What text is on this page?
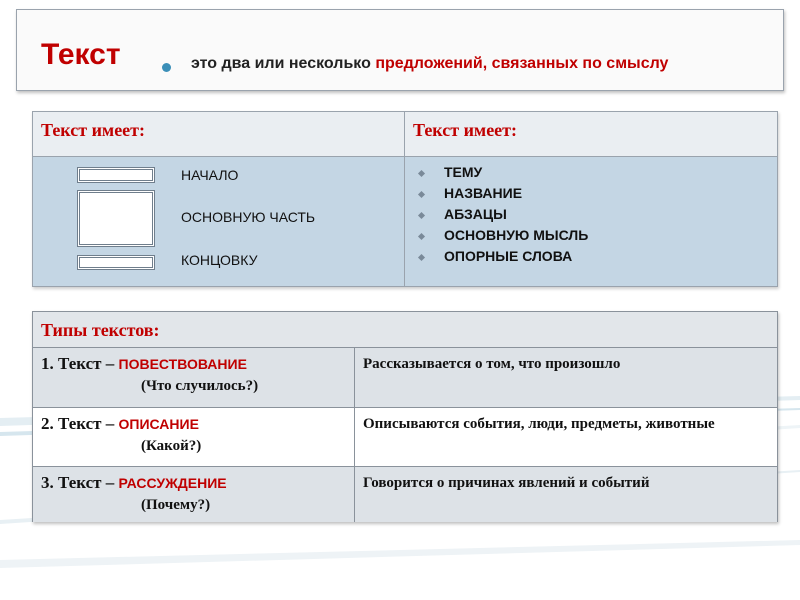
Текст	это два или несколько предложений, связанных по смыслу
Текст имеет:	Текст имеет:
НАЧАЛО
ОСНОВНУЮ ЧАСТЬ
КОНЦОВКУ
ТЕМУ
НАЗВАНИЕ
АБЗАЦЫ
ОСНОВНУЮ МЫСЛЬ
ОПОРНЫЕ СЛОВА
Типы текстов:
1. Текст – ПОВЕСТВОВАНИЕ
(Что случилось?)
Рассказывается о том, что произошло
2. Текст – ОПИСАНИЕ
(Какой?)
Описываются события, люди, предметы, животные
3. Текст – РАССУЖДЕНИЕ
(Почему?)
Говорится о причинах явлений и событий
